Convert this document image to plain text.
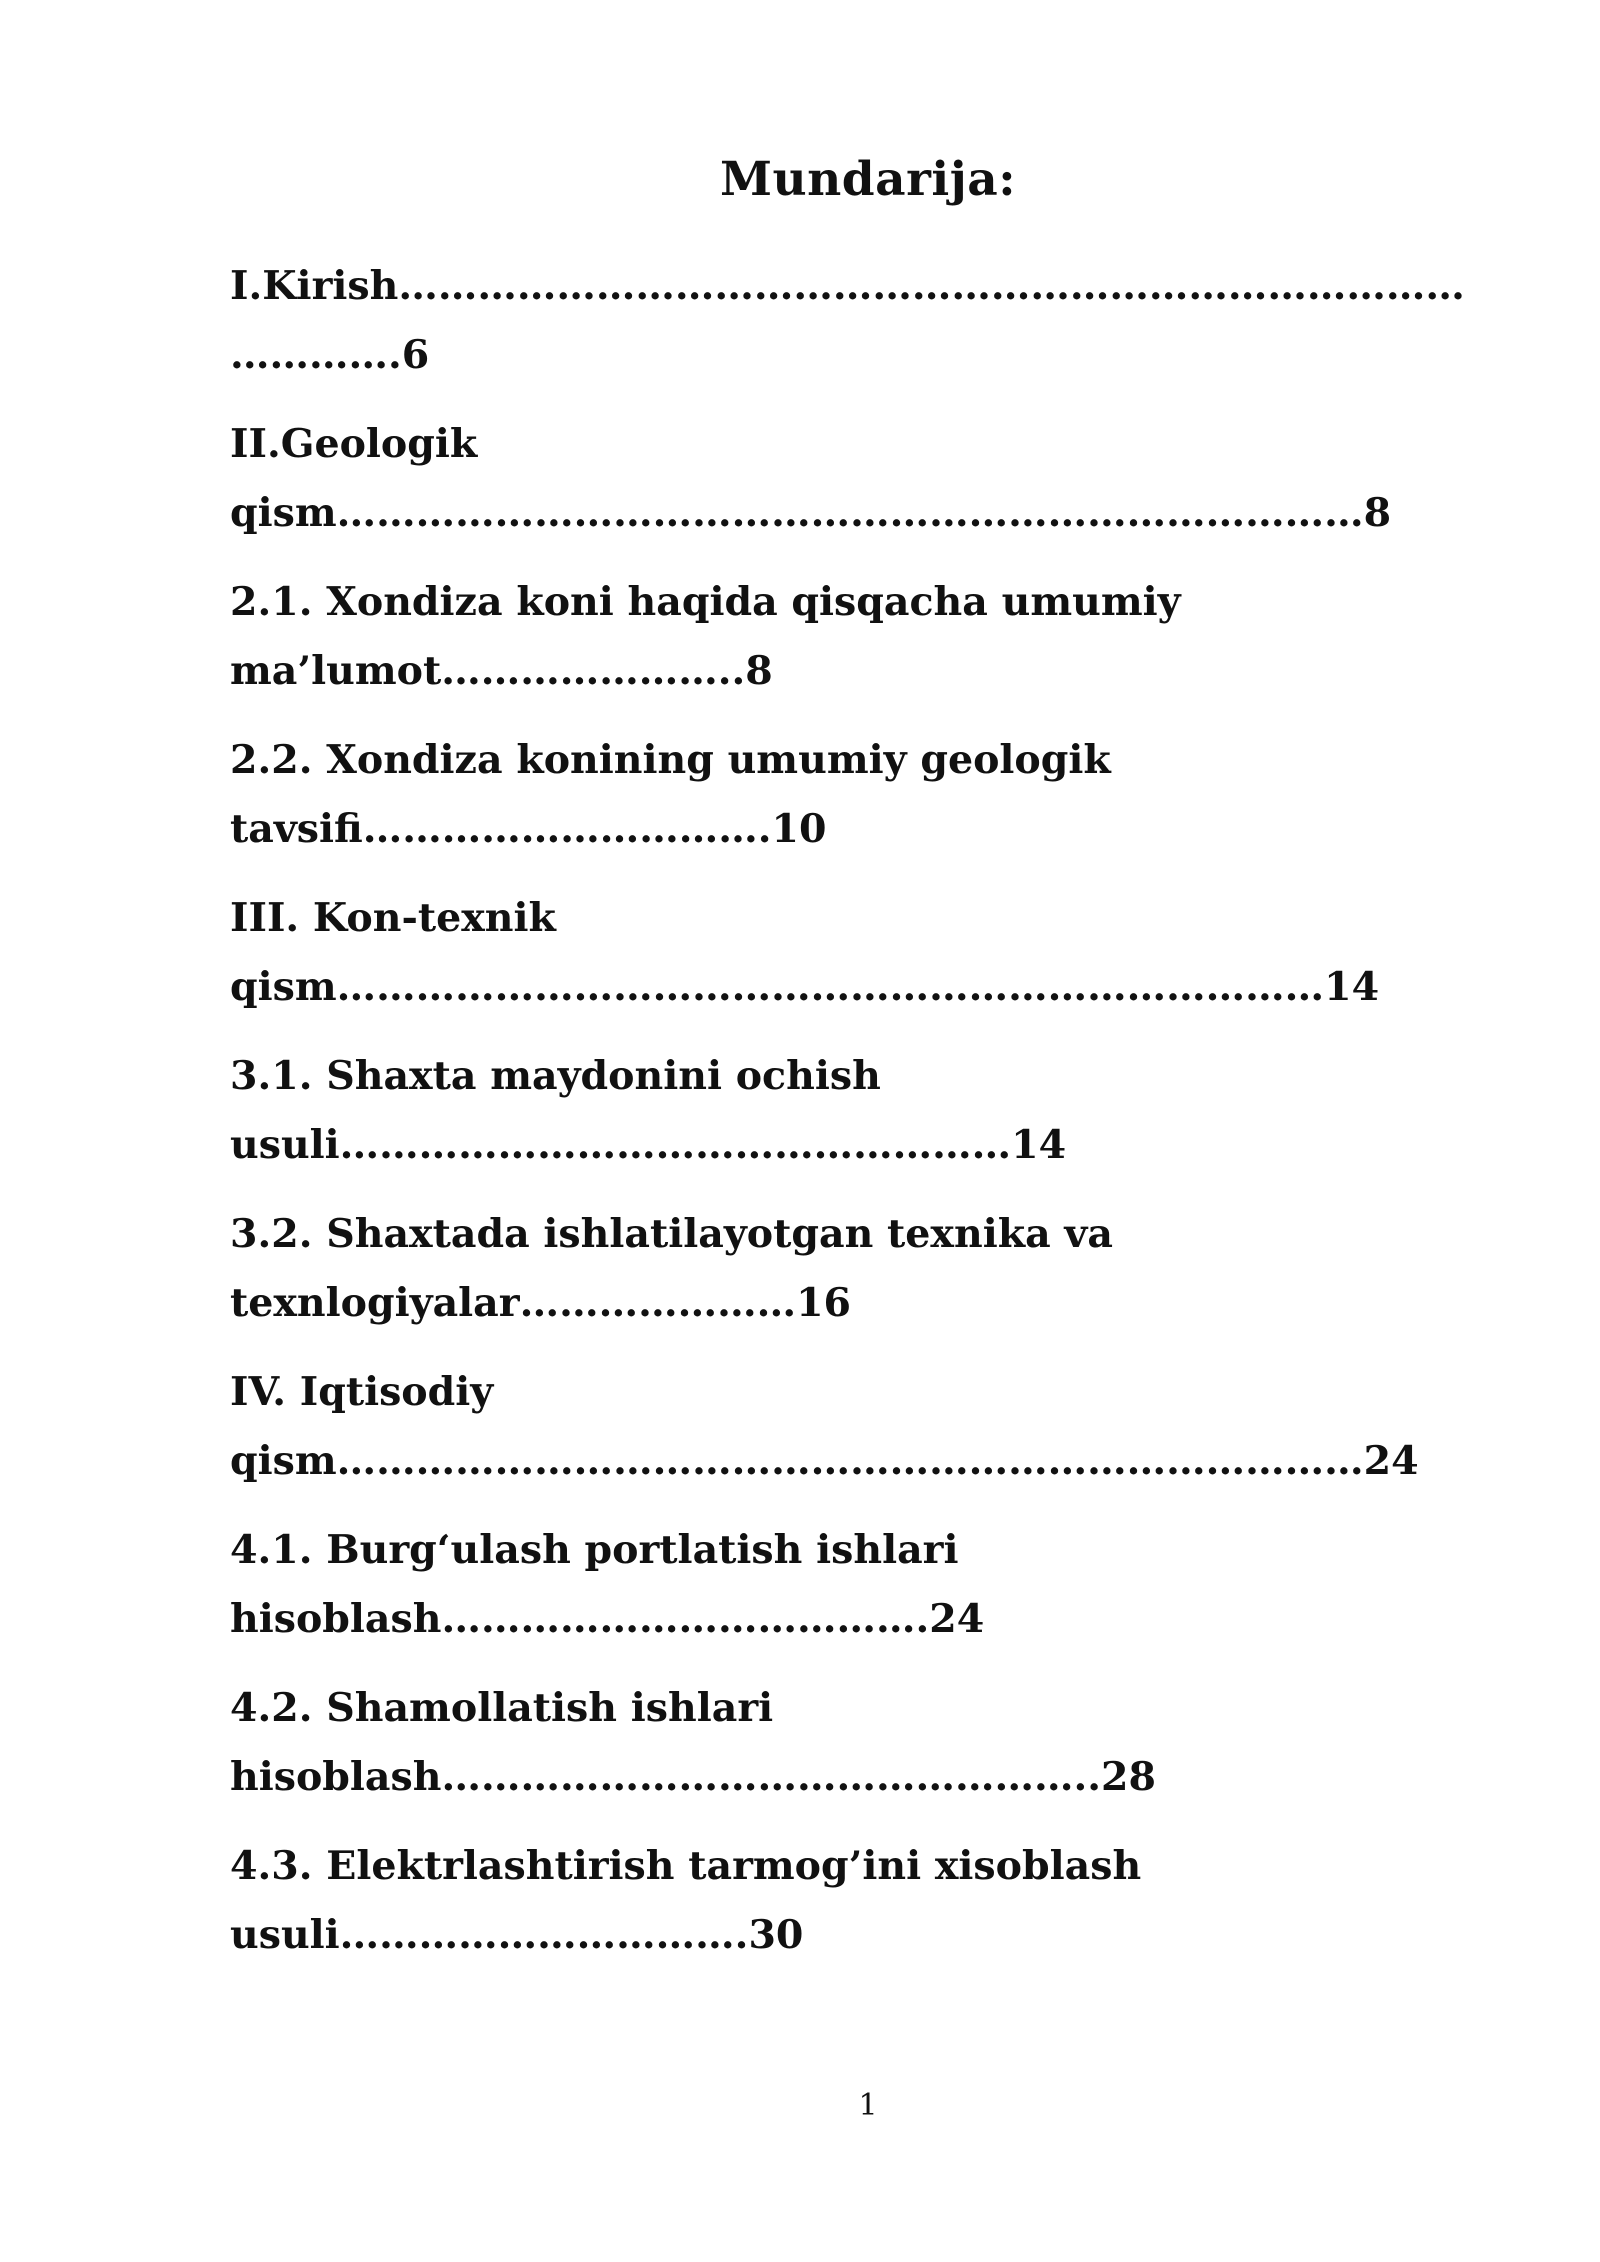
Mundarija:
I.Kirish………………………………………………………………………
………….6
II.Geologik
qism……………………………………………………………………8
2.1. Xondiza koni haqida qisqacha umumiy
ma’lumot…………………..8
2.2. Xondiza konining umumiy geologik
tavsifi………………………….10
III. Kon-texnik
qism…………………………………………………………………14
3.1. Shaxta maydonini ochish
usuli……………………………………………14
3.2. Shaxtada ishlatilayotgan texnika va
texnlogiyalar…………………16
IV. Iqtisodiy
qism……………………………………………………………………24
4.1. Burg‘ulash portlatish ishlari
hisoblash……………………………….24
4.2. Shamollatish ishlari
hisoblash…………………………………………..28
4.3. Elektrlashtirish tarmog’ini xisoblash
usuli………………………….30
1
